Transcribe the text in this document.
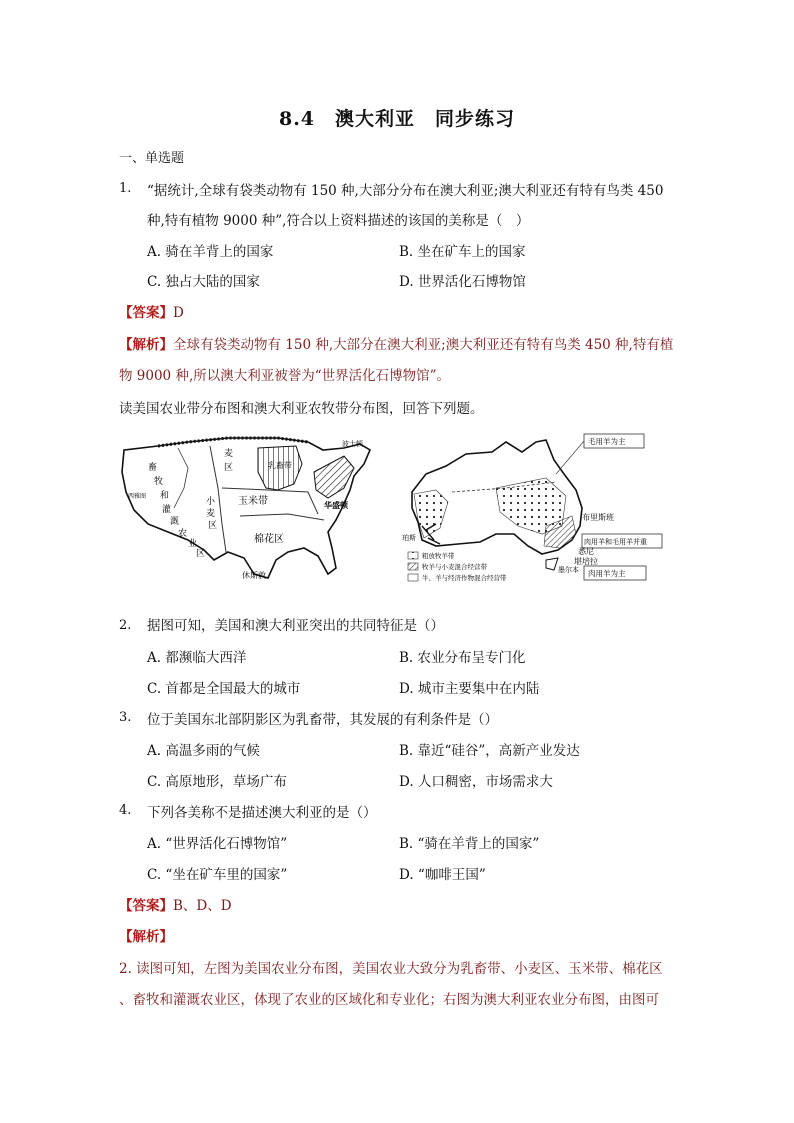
8.4　澳大利亚　同步练习
一、单选题
1. “据统计,全球有袋类动物有 150 种,大部分分布在澳大利亚;澳大利亚还有特有鸟类 450
种,特有植物 9000 种”,符合以上资料描述的该国的美称是（　）
A. 骑在羊背上的国家	B. 坐在矿车上的国家
C. 独占大陆的国家	D. 世界活化石博物馆
【答案】D
【解析】全球有袋类动物有 150 种,大部分在澳大利亚;澳大利亚还有特有鸟类 450 种,特有植
物 9000 种,所以澳大利亚被誉为“世界活化石博物馆”。
读美国农业带分布图和澳大利亚农牧带分布图，回答下列题。
麦
区
畜
牧
和
灌
溉
农
业
区
小
麦
区
玉米带
棉花区
乳畜带
华盛顿
西雅图
休斯敦
波士顿	毛用羊为主
布里斯班
肉用羊和毛用羊并重
悉尼
墨尔本
堪培拉
肉用羊为主
珀斯
粗放牧羊带
牧羊与小麦混合经营带
牛、羊与经济作物混合经营带
2. 据图可知，美国和澳大利亚突出的共同特征是（）
A. 都濒临大西洋	B. 农业分布呈专门化
C. 首都是全国最大的城市	D. 城市主要集中在内陆
3. 位于美国东北部阴影区为乳畜带，其发展的有利条件是（）
A. 高温多雨的气候	B. 靠近“硅谷”，高新产业发达
C. 高原地形，草场广布	D. 人口稠密，市场需求大
4. 下列各美称不是描述澳大利亚的是（）
A. “世界活化石博物馆”	B. “骑在羊背上的国家”
C. “坐在矿车里的国家”	D. “咖啡王国”
【答案】B、D、D
【解析】
2. 读图可知，左图为美国农业分布图，美国农业大致分为乳畜带、小麦区、玉米带、棉花区
、畜牧和灌溉农业区，体现了农业的区域化和专业化；右图为澳大利亚农业分布图，由图可
